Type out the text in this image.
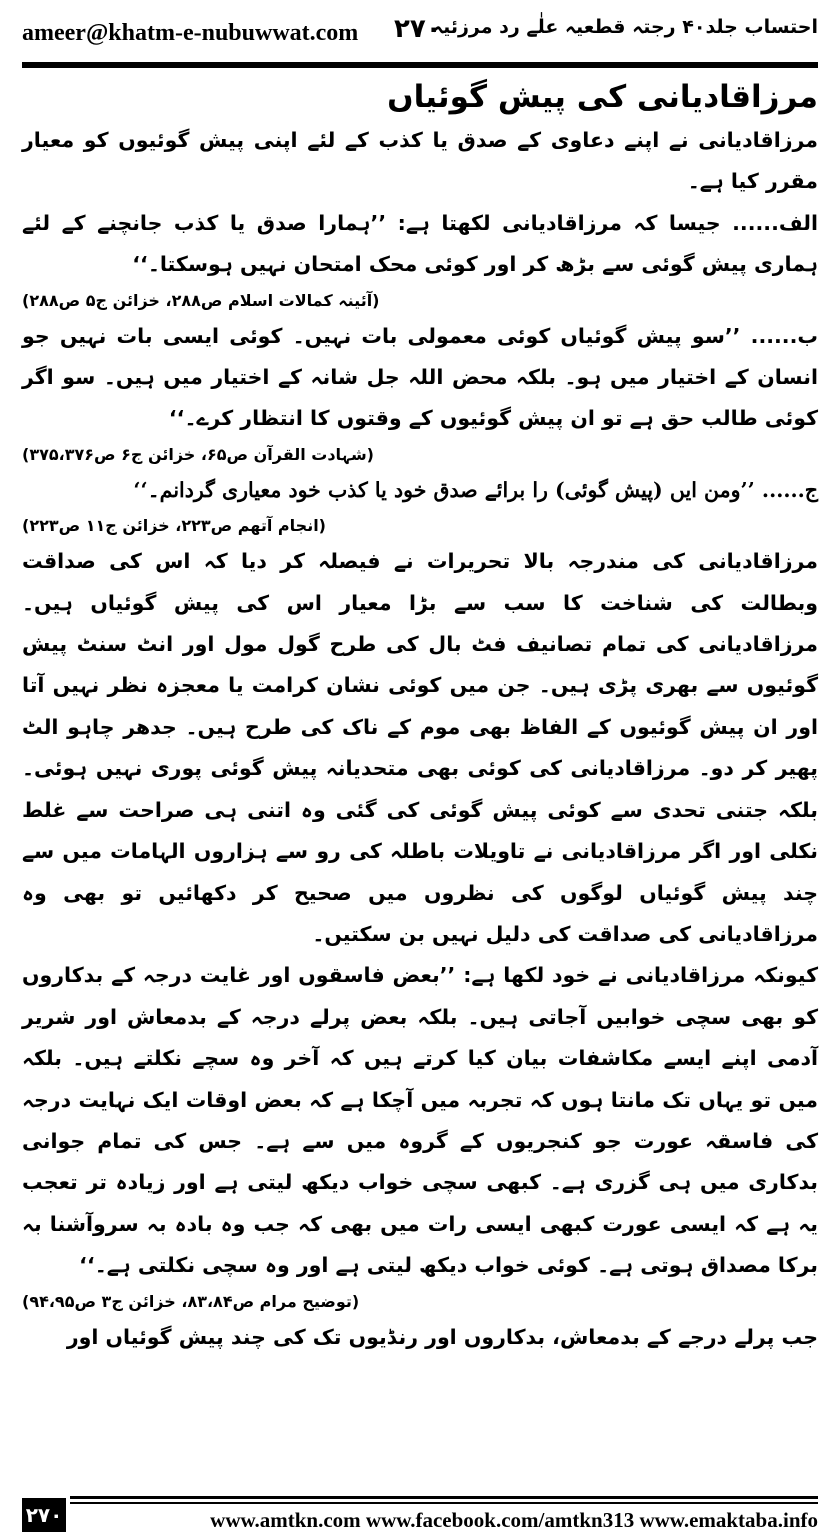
ameer@khatm-e-nubuwwat.com ۲۷۰
احتساب جلد۴۰ رجتہ قطعیہ علٰے رد مرزئیہ
مرزاقادیانی کی پیش گوئیاں

مرزاقادیانی نے اپنے دعاوی کے صدق یا کذب کے لئے اپنی پیش گوئیوں کو معیار مقرر کیا ہے۔

الف...... جیسا کہ مرزاقادیانی لکھتا ہے: ’’ہمارا صدق یا کذب جانچنے کے لئے ہماری پیش گوئی سے بڑھ کر اور کوئی محک امتحان نہیں ہوسکتا۔‘‘

(آئینہ کمالات اسلام ص۲۸۸، خزائن ج۵ ص۲۸۸)

ب...... ’’سو پیش گوئیاں کوئی معمولی بات نہیں۔ کوئی ایسی بات نہیں جو انسان کے اختیار میں ہو۔ بلکہ محض اللہ جل شانہ کے اختیار میں ہیں۔ سو اگر کوئی طالب حق ہے تو ان پیش گوئیوں کے وقتوں کا انتظار کرے۔‘‘

(شہادت القرآن ص۶۵، خزائن ج۶ ص۳۷۵،۳۷۶)

ج...... ’’ومن ایں (پیش گوئی) را برائے صدق خود یا کذب خود معیاری گردانم۔‘‘

(انجام آتھم ص۲۲۳، خزائن ج۱۱ ص۲۲۳)

مرزاقادیانی کی مندرجہ بالا تحریرات نے فیصلہ کر دیا کہ اس کی صداقت وبطالت کی شناخت کا سب سے بڑا معیار اس کی پیش گوئیاں ہیں۔ مرزاقادیانی کی تمام تصانیف فٹ بال کی طرح گول مول اور انٹ سنٹ پیش گوئیوں سے بھری پڑی ہیں۔ جن میں کوئی نشان کرامت یا معجزہ نظر نہیں آتا اور ان پیش گوئیوں کے الفاظ بھی موم کے ناک کی طرح ہیں۔ جدھر چاہو الٹ پھیر کر دو۔ مرزاقادیانی کی کوئی بھی متحدیانہ پیش گوئی پوری نہیں ہوئی۔ بلکہ جتنی تحدی سے کوئی پیش گوئی کی گئی وہ اتنی ہی صراحت سے غلط نکلی اور اگر مرزاقادیانی نے تاویلات باطلہ کی رو سے ہزاروں الہامات میں سے چند پیش گوئیاں لوگوں کی نظروں میں صحیح کر دکھائیں تو بھی وہ مرزاقادیانی کی صداقت کی دلیل نہیں بن سکتیں۔

کیونکہ مرزاقادیانی نے خود لکھا ہے: ’’بعض فاسقوں اور غایت درجہ کے بدکاروں کو بھی سچی خوابیں آجاتی ہیں۔ بلکہ بعض پرلے درجہ کے بدمعاش اور شریر آدمی اپنے ایسے مکاشفات بیان کیا کرتے ہیں کہ آخر وہ سچے نکلتے ہیں۔ بلکہ میں تو یہاں تک مانتا ہوں کہ تجربہ میں آچکا ہے کہ بعض اوقات ایک نہایت درجہ کی فاسقہ عورت جو کنجریوں کے گروہ میں سے ہے۔ جس کی تمام جوانی بدکاری میں ہی گزری ہے۔ کبھی سچی خواب دیکھ لیتی ہے اور زیادہ تر تعجب یہ ہے کہ ایسی عورت کبھی ایسی رات میں بھی کہ جب وہ بادہ بہ سروآشنا بہ برکا مصداق ہوتی ہے۔ کوئی خواب دیکھ لیتی ہے اور وہ سچی نکلتی ہے۔‘‘

(توضیح مرام ص۸۳،۸۴، خزائن ج۳ ص۹۴،۹۵)

جب پرلے درجے کے بدمعاش، بدکاروں اور رنڈیوں تک کی چند پیش گوئیاں اور

۲۷۰	www.amtkn.com www.facebook.com/amtkn313 www.emaktaba.info
